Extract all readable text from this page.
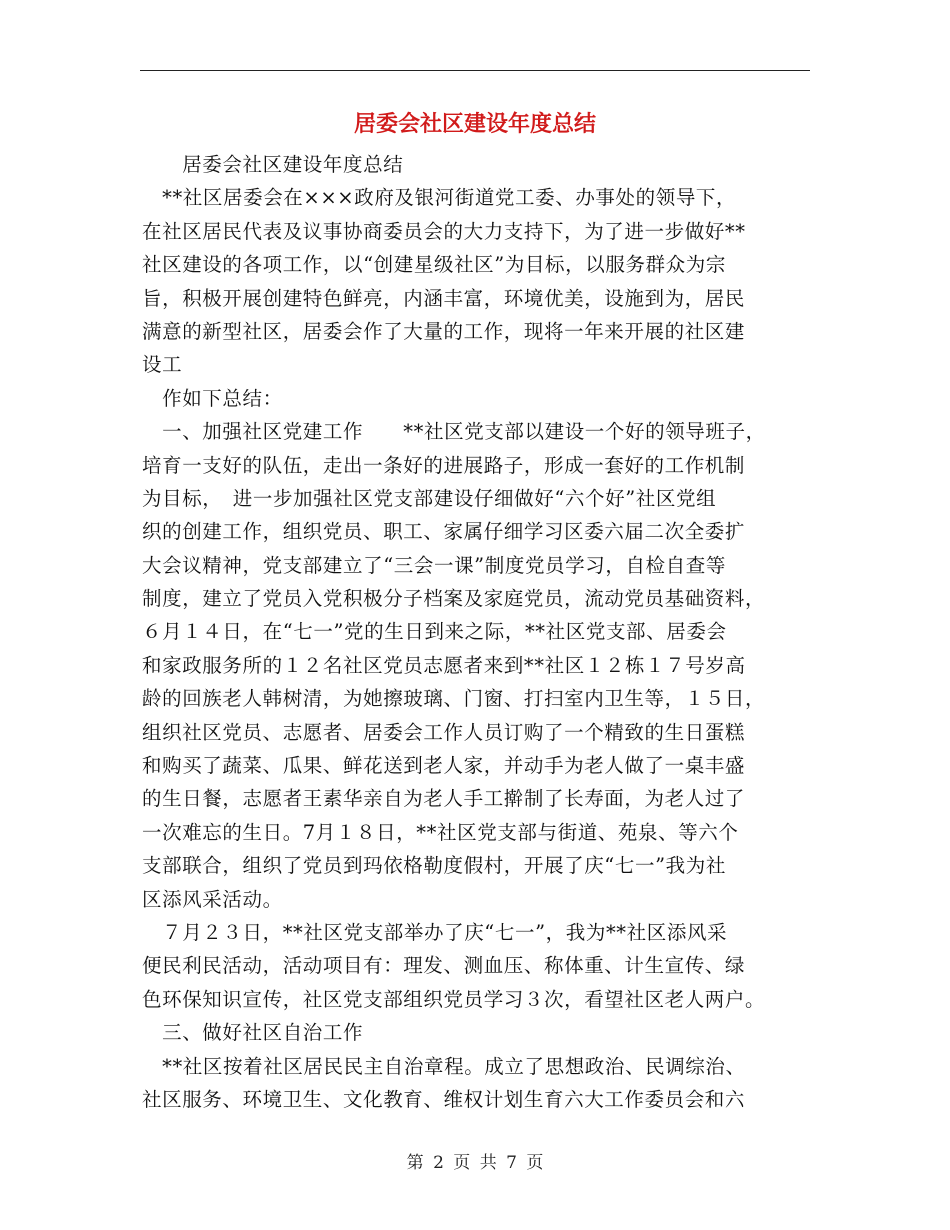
居委会社区建设年度总结
　　居委会社区建设年度总结
　**社区居委会在×××政府及银河街道党工委、办事处的领导下，
在社区居民代表及议事协商委员会的大力支持下，为了进一步做好**
社区建设的各项工作，以“创建星级社区”为目标，以服务群众为宗
旨，积极开展创建特色鲜亮，内涵丰富，环境优美，设施到为，居民
满意的新型社区，居委会作了大量的工作，现将一年来开展的社区建
设工
　作如下总结：
　一、加强社区党建工作　　**社区党支部以建设一个好的领导班子，
培育一支好的队伍，走出一条好的进展路子，形成一套好的工作机制
为目标，　进一步加强社区党支部建设仔细做好“六个好”社区党组
织的创建工作，组织党员、职工、家属仔细学习区委六届二次全委扩
大会议精神，党支部建立了“三会一课”制度党员学习，自检自查等
制度，建立了党员入党积极分子档案及家庭党员，流动党员基础资料，
６月１４日，在“七一”党的生日到来之际，**社区党支部、居委会
和家政服务所的１２名社区党员志愿者来到**社区１２栋１７号岁高
龄的回族老人韩树清，为她擦玻璃、门窗、打扫室内卫生等，１５日，
组织社区党员、志愿者、居委会工作人员订购了一个精致的生日蛋糕
和购买了蔬菜、瓜果、鲜花送到老人家，并动手为老人做了一桌丰盛
的生日餐，志愿者王素华亲自为老人手工擀制了长寿面，为老人过了
一次难忘的生日。7月１８日，**社区党支部与街道、苑泉、等六个
支部联合，组织了党员到玛依格勒度假村，开展了庆“七一”我为社
区添风采活动。
　７月２３日，**社区党支部举办了庆“七一”，我为**社区添风采
便民利民活动，活动项目有：理发、测血压、称体重、计生宣传、绿
色环保知识宣传，社区党支部组织党员学习３次，看望社区老人两户。
　三、做好社区自治工作
　**社区按着社区居民民主自治章程。成立了思想政治、民调综治、
社区服务、环境卫生、文化教育、维权计划生育六大工作委员会和六
第 2 页 共 7 页
